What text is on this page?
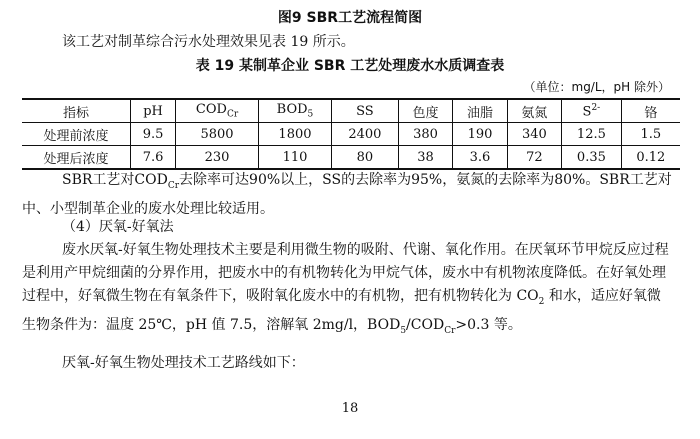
图9 SBR工艺流程简图
该工艺对制革综合污水处理效果见表 19 所示。
表 19 某制革企业 SBR 工艺处理废水水质调查表
（单位：mg/L，pH 除外）
指标	pH	$COD_{Cr}$	$BOD_5$	SS	色度	油脂	氨氮	$S^{2-}$	铬
处理前浓度	9.5	5800	1800	2400	380	190	340	12.5	1.5
处理后浓度	7.6	230	110	80	38	3.6	72	0.35	0.12
SBR工艺对$COD_{Cr}$去除率可达90%以上，SS的去除率为95%，氨氮的去除率为80%。SBR工艺对中、小型制革企业的废水处理比较适用。
（4）厌氧-好氧法
废水厌氧-好氧生物处理技术主要是利用微生物的吸附、代谢、氧化作用。在厌氧环节甲烷反应过程是利用产甲烷细菌的分界作用，把废水中的有机物转化为甲烷气体，废水中有机物浓度降低。在好氧处理过程中，好氧微生物在有氧条件下，吸附氧化废水中的有机物，把有机物转化为 $CO_2$ 和水，适应好氧微生物条件为：温度 25℃，pH 值 7.5，溶解氧 2mg/l，$BOD_5/COD_{Cr}>0.3$ 等。
厌氧-好氧生物处理技术工艺路线如下：
18
